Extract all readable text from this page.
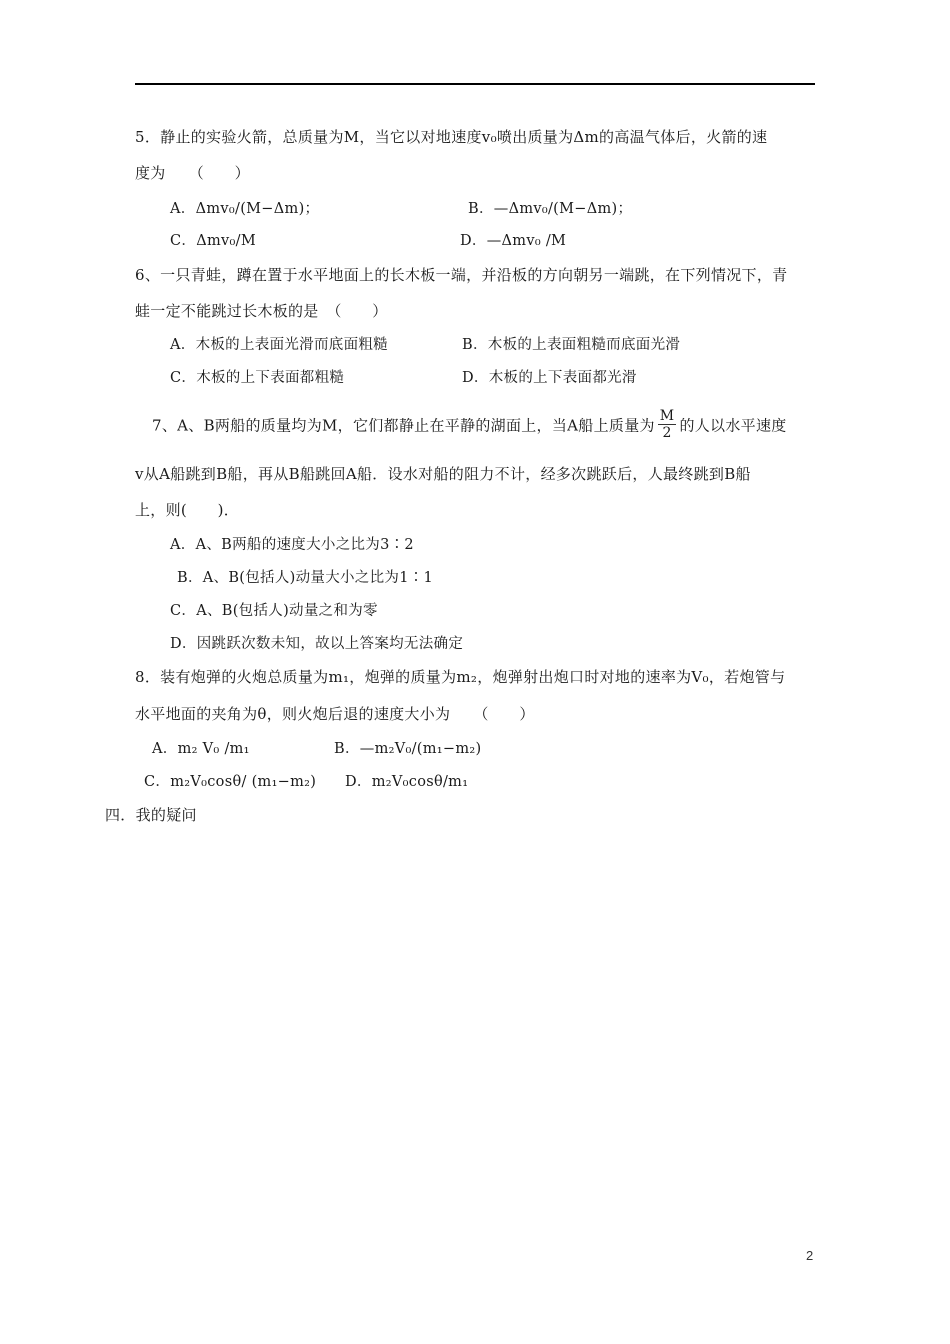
5．静止的实验火箭，总质量为M，当它以对地速度v₀喷出质量为Δm的高温气体后，火箭的速
度为　　（　　）
A．Δmv₀/(M−Δm)；	B．—Δmv₀/(M−Δm)；
C．Δmv₀/M	D．—Δmv₀ /M
6、一只青蛙，蹲在置于水平地面上的长木板一端，并沿板的方向朝另一端跳，在下列情况下，青
蛙一定不能跳过长木板的是　（　　）
A．木板的上表面光滑而底面粗糙	B．木板的上表面粗糙而底面光滑
C．木板的上下表面都粗糙	D．木板的上下表面都光滑
7、A、B两船的质量均为M，它们都静止在平静的湖面上，当A船上质量为 $\frac{M}{2}$ 的人以水平速度
v从A船跳到B船，再从B船跳回A船．设水对船的阻力不计，经多次跳跃后，人最终跳到B船
上，则(　　)．
A．A、B两船的速度大小之比为3∶2
B．A、B(包括人)动量大小之比为1∶1
C．A、B(包括人)动量之和为零
D．因跳跃次数未知，故以上答案均无法确定
8．装有炮弹的火炮总质量为m₁，炮弹的质量为m₂，炮弹射出炮口时对地的速率为V₀，若炮管与
水平地面的夹角为θ，则火炮后退的速度大小为　　（　　）
A．m₂ V₀ /m₁	B．—m₂V₀/(m₁−m₂)
C．m₂V₀cosθ/ (m₁−m₂) D．m₂V₀cosθ/m₁
四．我的疑问
2
